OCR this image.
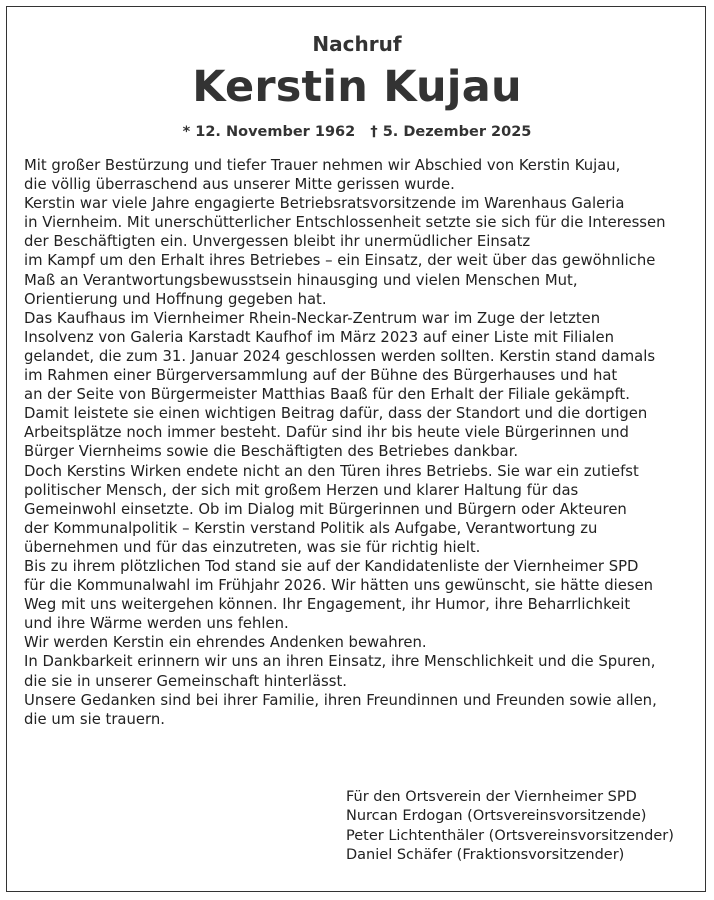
Nachruf
Kerstin Kujau
* 12. November 1962 † 5. Dezember 2025
Mit großer Bestürzung und tiefer Trauer nehmen wir Abschied von Kerstin Kujau,
die völlig überraschend aus unserer Mitte gerissen wurde.
Kerstin war viele Jahre engagierte Betriebsratsvorsitzende im Warenhaus Galeria
in Viernheim. Mit unerschütterlicher Entschlossenheit setzte sie sich für die Interessen
der Beschäftigten ein. Unvergessen bleibt ihr unermüdlicher Einsatz
im Kampf um den Erhalt ihres Betriebes – ein Einsatz, der weit über das gewöhnliche
Maß an Verantwortungsbewusstsein hinausging und vielen Menschen Mut,
Orientierung und Hoffnung gegeben hat.
Das Kaufhaus im Viernheimer Rhein-Neckar-Zentrum war im Zuge der letzten
Insolvenz von Galeria Karstadt Kaufhof im März 2023 auf einer Liste mit Filialen
gelandet, die zum 31. Januar 2024 geschlossen werden sollten. Kerstin stand damals
im Rahmen einer Bürgerversammlung auf der Bühne des Bürgerhauses und hat
an der Seite von Bürgermeister Matthias Baaß für den Erhalt der Filiale gekämpft.
Damit leistete sie einen wichtigen Beitrag dafür, dass der Standort und die dortigen
Arbeitsplätze noch immer besteht. Dafür sind ihr bis heute viele Bürgerinnen und
Bürger Viernheims sowie die Beschäftigten des Betriebes dankbar.
Doch Kerstins Wirken endete nicht an den Türen ihres Betriebs. Sie war ein zutiefst
politischer Mensch, der sich mit großem Herzen und klarer Haltung für das
Gemeinwohl einsetzte. Ob im Dialog mit Bürgerinnen und Bürgern oder Akteuren
der Kommunalpolitik – Kerstin verstand Politik als Aufgabe, Verantwortung zu
übernehmen und für das einzutreten, was sie für richtig hielt.
Bis zu ihrem plötzlichen Tod stand sie auf der Kandidatenliste der Viernheimer SPD
für die Kommunalwahl im Frühjahr 2026. Wir hätten uns gewünscht, sie hätte diesen
Weg mit uns weitergehen können. Ihr Engagement, ihr Humor, ihre Beharrlichkeit
und ihre Wärme werden uns fehlen.
Wir werden Kerstin ein ehrendes Andenken bewahren.
In Dankbarkeit erinnern wir uns an ihren Einsatz, ihre Menschlichkeit und die Spuren,
die sie in unserer Gemeinschaft hinterlässt.
Unsere Gedanken sind bei ihrer Familie, ihren Freundinnen und Freunden sowie allen,
die um sie trauern.
Für den Ortsverein der Viernheimer SPD
Nurcan Erdogan (Ortsvereinsvorsitzende)
Peter Lichtenthäler (Ortsvereinsvorsitzender)
Daniel Schäfer (Fraktionsvorsitzender)
